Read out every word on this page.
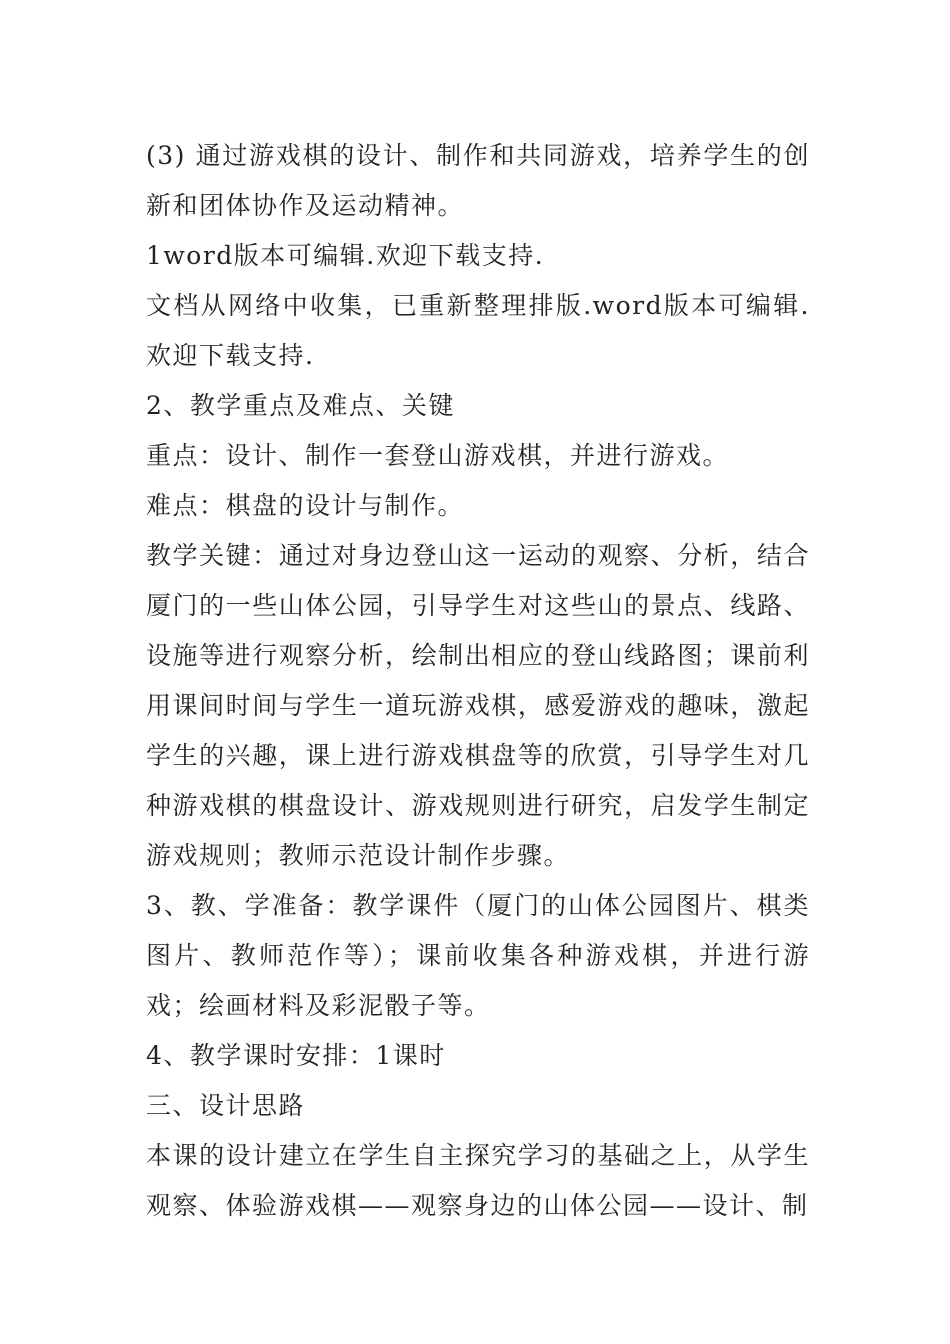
(3) 通过游戏棋的设计、制作和共同游戏，培养学生的创新和团体协作及运动精神。

1word版本可编辑.欢迎下载支持.

文档从网络中收集，已重新整理排版.word版本可编辑.欢迎下载支持.

2、教学重点及难点、关键

重点：设计、制作一套登山游戏棋，并进行游戏。

难点：棋盘的设计与制作。

教学关键：通过对身边登山这一运动的观察、分析，结合厦门的一些山体公园，引导学生对这些山的景点、线路、设施等进行观察分析，绘制出相应的登山线路图；课前利用课间时间与学生一道玩游戏棋，感爱游戏的趣味，激起学生的兴趣，课上进行游戏棋盘等的欣赏，引导学生对几种游戏棋的棋盘设计、游戏规则进行研究，启发学生制定游戏规则；教师示范设计制作步骤。

3、教、学准备：教学课件（厦门的山体公园图片、棋类图片、教师范作等）；课前收集各种游戏棋，并进行游戏；绘画材料及彩泥骰子等。

4、教学课时安排：1课时

三、设计思路

本课的设计建立在学生自主探究学习的基础之上，从学生观察、体验游戏棋——观察身边的山体公园——设计、制
